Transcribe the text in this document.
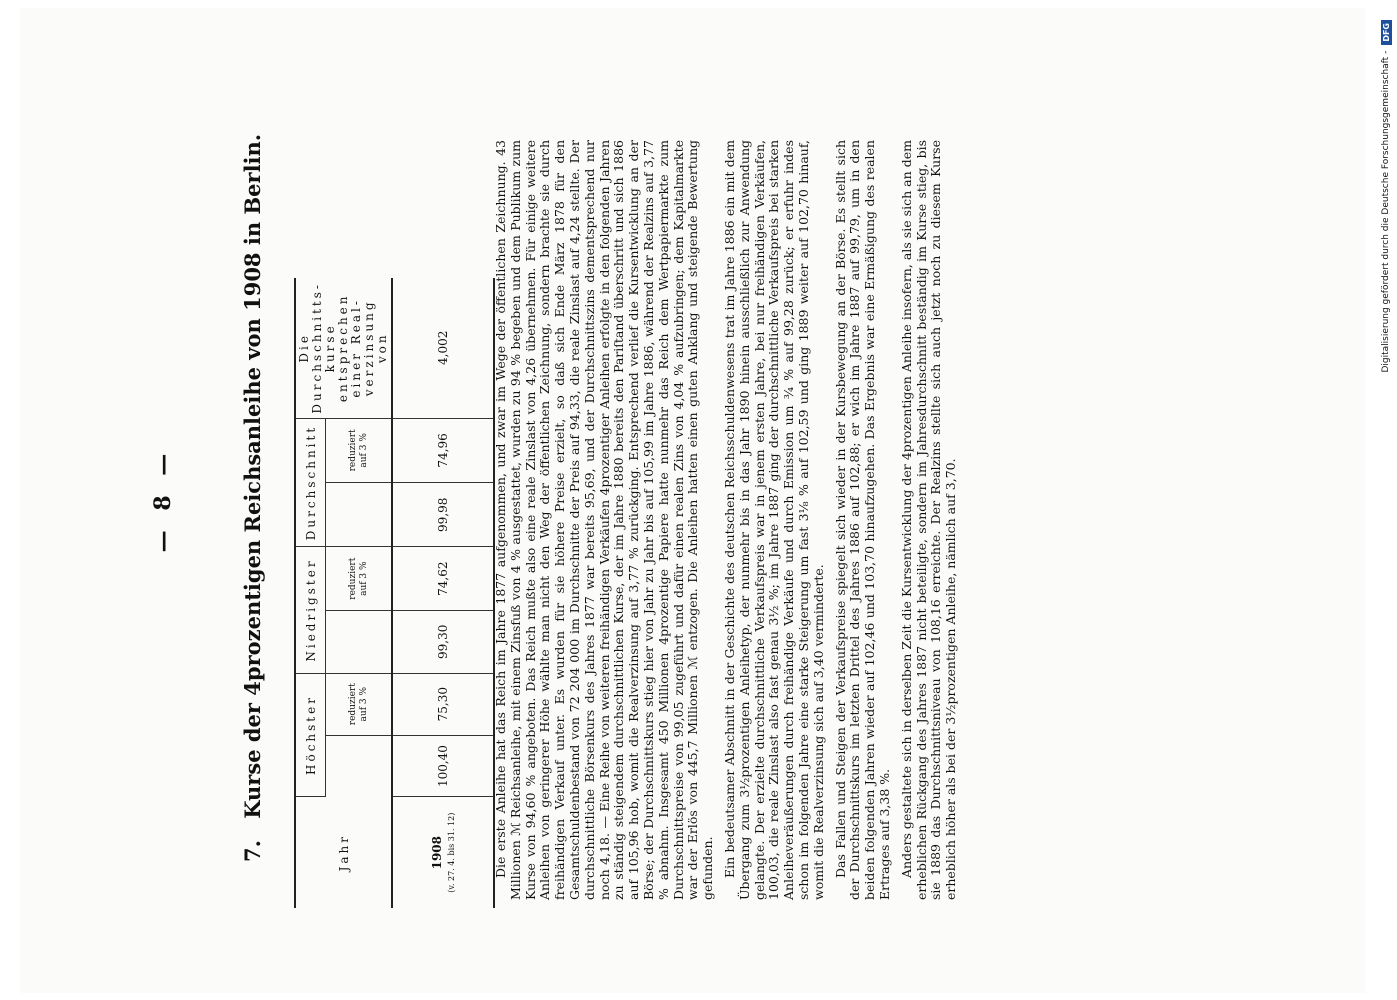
— 8 —
7. Kurse der 4prozentigen Reichsanleihe von 1908 in Berlin.
Jahr	Höchster		Niedrigster		Durchschnitt		Die Durchschnitts-kurse entsprechen einer Real-verzinsung von
		reduziert auf 3 %		reduziert auf 3 %		reduziert auf 3 %	

1908 (v. 27. 4. bis 31. 12)	100,40	75,30	99,30	74,62	99,98	74,96	4,002	Die erste Anleihe hat das Reich im Jahre 1877 aufgenommen, und zwar im Wege der öffentlichen Zeichnung. 43 Millionen ℳ Reichsanleihe, mit einem Zinsfuß von 4 % ausgestattet, wurden zu 94 % begeben und dem Publikum zum Kurse von 94,60 % angeboten. Das Reich mußte also eine reale Zinslast von 4,26 übernehmen. Für einige weitere Anleihen von geringerer Höhe wählte man nicht den Weg der öffentlichen Zeichnung, sondern brachte sie durch freihändigen Verkauf unter. Es wurden für sie höhere Preise erzielt, so daß sich Ende März 1878 für den Gesamtschuldenbestand von 72 204 000 im Durchschnitte der Preis auf 94,33, die reale Zinslast auf 4,24 stellte. Der durchschnittliche Börsenkurs des Jahres 1877 war bereits 95,69, und der Durchschnittszins dementsprechend nur noch 4,18. — Eine Reihe von weiteren freihändigen Verkäufen 4prozentiger Anleihen erfolgte in den folgenden Jahren zu ständig steigendem durchschnittlichen Kurse, der im Jahre 1880 bereits den Pariſtand überschritt und sich 1886 auf 105,96 hob, womit die Realverzinsung auf 3,77 % zurückging. Entsprechend verlief die Kursentwicklung an der Börse; der Durchschnittskurs stieg hier von Jahr zu Jahr bis auf 105,99 im Jahre 1886, während der Realzins auf 3,77 % abnahm. Insgesamt 450 Millionen 4prozentige Papiere hatte nunmehr das Reich dem Wertpapiermarkte zum Durchschnittspreise von 99,05 zugeführt und dafür einen realen Zins von 4,04 % aufzubringen; dem Kapitalmarkte war der Erlös von 445,7 Millionen ℳ entzogen. Die Anleihen hatten einen guten Anklang und steigende Bewertung gefunden. Ein bedeutsamer Abschnitt in der Geschichte des deutschen Reichsschuldenwesens trat im Jahre 1886 ein mit dem Übergang zum 3½prozentigen Anleihetyp, der nunmehr bis in das Jahr 1890 hinein ausschließlich zur Anwendung gelangte. Der erzielte durchschnittliche Verkaufspreis war in jenem ersten Jahre, bei nur freihändigen Verkäufen, 100,03, die reale Zinslast also fast genau 3½ %; im Jahre 1887 ging der durchschnittliche Verkaufspreis bei starken Anleiheveräußerungen durch freihändige Verkäufe und durch Emission um ¾ % auf 99,28 zurück; er erfuhr indes schon im folgenden Jahre eine starke Steigerung um fast 3⅛ % auf 102,59 und ging 1889 weiter auf 102,70 hinauf, womit die Realverzinsung sich auf 3,40 verminderte. Das Fallen und Steigen der Verkaufspreise spiegelt sich wieder in der Kursbewegung an der Börse. Es stellt sich der Durchschnittskurs im letzten Drittel des Jahres 1886 auf 102,88; er wich im Jahre 1887 auf 99,79, um in den beiden folgenden Jahren wieder auf 102,46 und 103,70 hinaufzugehen. Das Ergebnis war eine Ermäßigung des realen Ertrages auf 3,38 %. Anders gestaltete sich in derselben Zeit die Kursentwicklung der 4prozentigen Anleihe insofern, als sie sich an dem erheblichen Rückgang des Jahres 1887 nicht beteiligte, sondern im Jahresdurchschnitt beständig im Kurse stieg, bis sie 1889 das Durchschnittsniveau von 108,16 erreichte. Der Realzins stellte sich auch jetzt noch zu diesem Kurse erheblich höher als bei der 3½prozentigen Anleihe, nämlich auf 3,70.

Digitalisierung gefördert durch die Deutsche Forschungsgemeinschaft -
DFG
